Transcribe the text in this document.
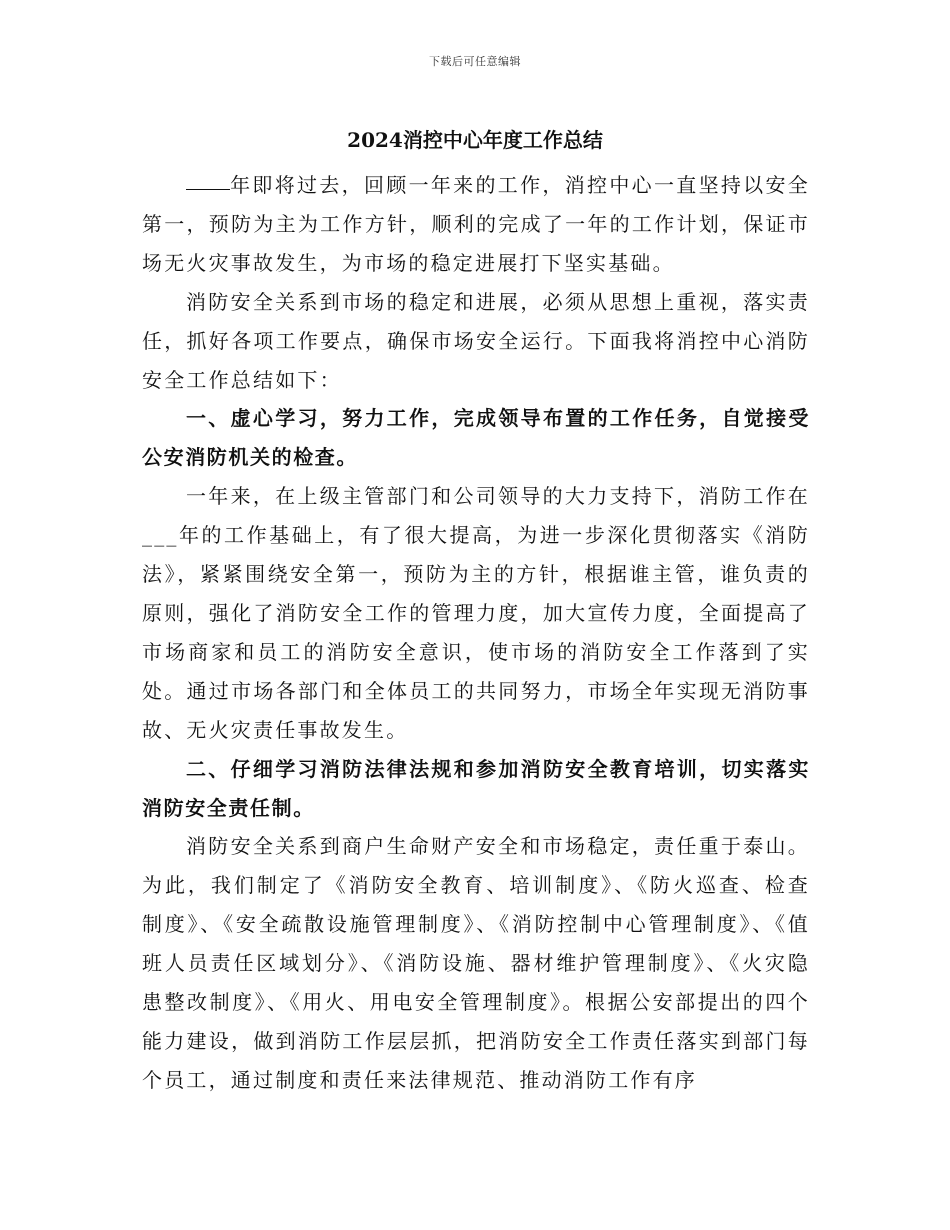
下载后可任意编辑
2024消控中心年度工作总结

年即将过去，回顾一年来的工作，消控中心一直坚持以安全第一，预防为主为工作方针，顺利的完成了一年的工作计划，保证市场无火灾事故发生，为市场的稳定进展打下坚实基础。

消防安全关系到市场的稳定和进展，必须从思想上重视，落实责任，抓好各项工作要点，确保市场安全运行。下面我将消控中心消防安全工作总结如下：

一、虚心学习，努力工作，完成领导布置的工作任务，自觉接受公安消防机关的检查。

一年来，在上级主管部门和公司领导的大力支持下，消防工作在___年的工作基础上，有了很大提高，为进一步深化贯彻落实《消防法》，紧紧围绕安全第一，预防为主的方针，根据谁主管，谁负责的原则，强化了消防安全工作的管理力度，加大宣传力度，全面提高了市场商家和员工的消防安全意识，使市场的消防安全工作落到了实处。通过市场各部门和全体员工的共同努力，市场全年实现无消防事故、无火灾责任事故发生。

二、仔细学习消防法律法规和参加消防安全教育培训，切实落实消防安全责任制。

消防安全关系到商户生命财产安全和市场稳定，责任重于泰山。为此，我们制定了《消防安全教育、培训制度》、《防火巡查、检查制度》、《安全疏散设施管理制度》、《消防控制中心管理制度》、《值班人员责任区域划分》、《消防设施、器材维护管理制度》、《火灾隐患整改制度》、《用火、用电安全管理制度》。根据公安部提出的四个能力建设，做到消防工作层层抓，把消防安全工作责任落实到部门每个员工，通过制度和责任来法律规范、推动消防工作有序
